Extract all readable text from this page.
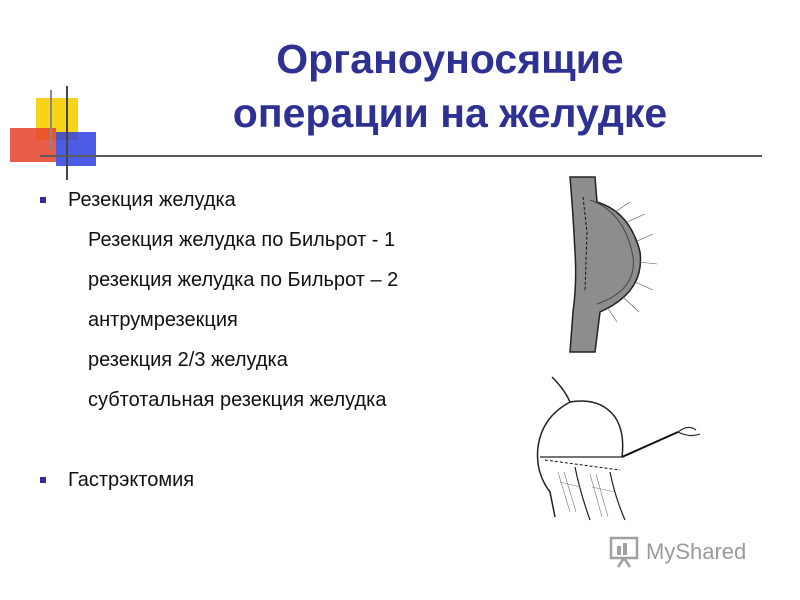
Органоуносящие
операции на желудке
Резекция желудка
Резекция желудка по Бильрот - 1
резекция желудка по Бильрот – 2
антрумрезекция
резекция 2/3 желудка
субтотальная резекция желудка
Гастрэктомия
MyShared
